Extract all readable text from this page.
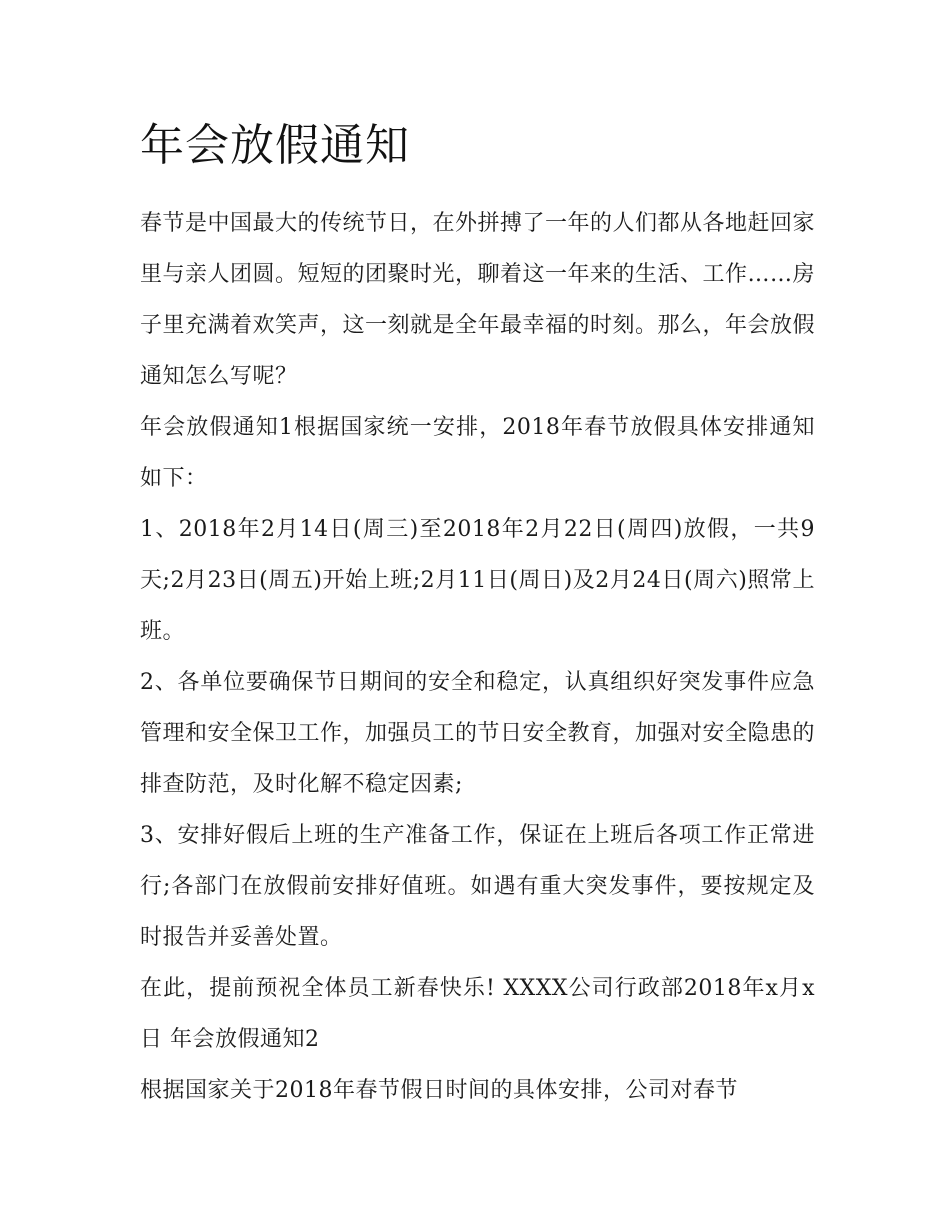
年会放假通知

春节是中国最大的传统节日，在外拼搏了一年的人们都从各地赶回家里与亲人团圆。短短的团聚时光，聊着这一年来的生活、工作……房子里充满着欢笑声，这一刻就是全年最幸福的时刻。那么，年会放假通知怎么写呢？

年会放假通知1根据国家统一安排，2018年春节放假具体安排通知如下：

1、2018年2月14日(周三)至2018年2月22日(周四)放假，一共9天;2月23日(周五)开始上班;2月11日(周日)及2月24日(周六)照常上班。

2、各单位要确保节日期间的安全和稳定，认真组织好突发事件应急管理和安全保卫工作，加强员工的节日安全教育，加强对安全隐患的排查防范，及时化解不稳定因素;

3、安排好假后上班的生产准备工作，保证在上班后各项工作正常进行;各部门在放假前安排好值班。如遇有重大突发事件，要按规定及时报告并妥善处置。

在此，提前预祝全体员工新春快乐! XXXX公司行政部2018年x月x日 年会放假通知2

根据国家关于2018年春节假日时间的具体安排，公司对春节
